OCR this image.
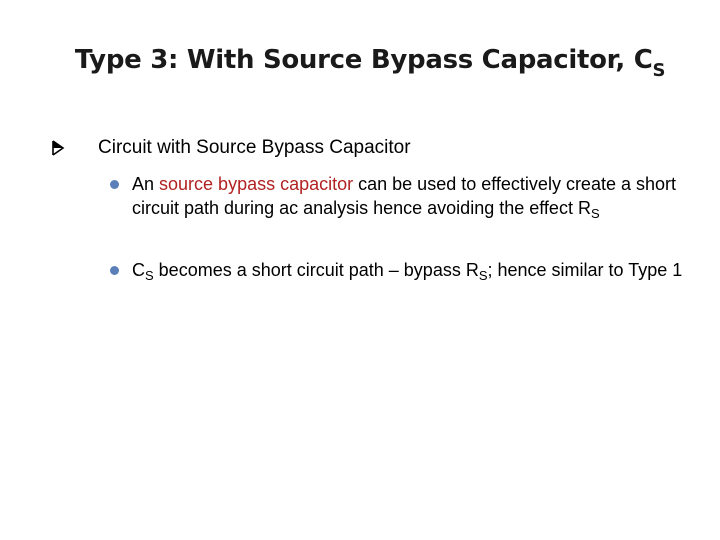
Type 3: With Source Bypass Capacitor, $C_S$
Circuit with Source Bypass Capacitor
An source bypass capacitor can be used to effectively create a short circuit path during ac analysis hence avoiding the effect $R_S$
$C_S$ becomes a short circuit path – bypass $R_S$; hence similar to Type 1
